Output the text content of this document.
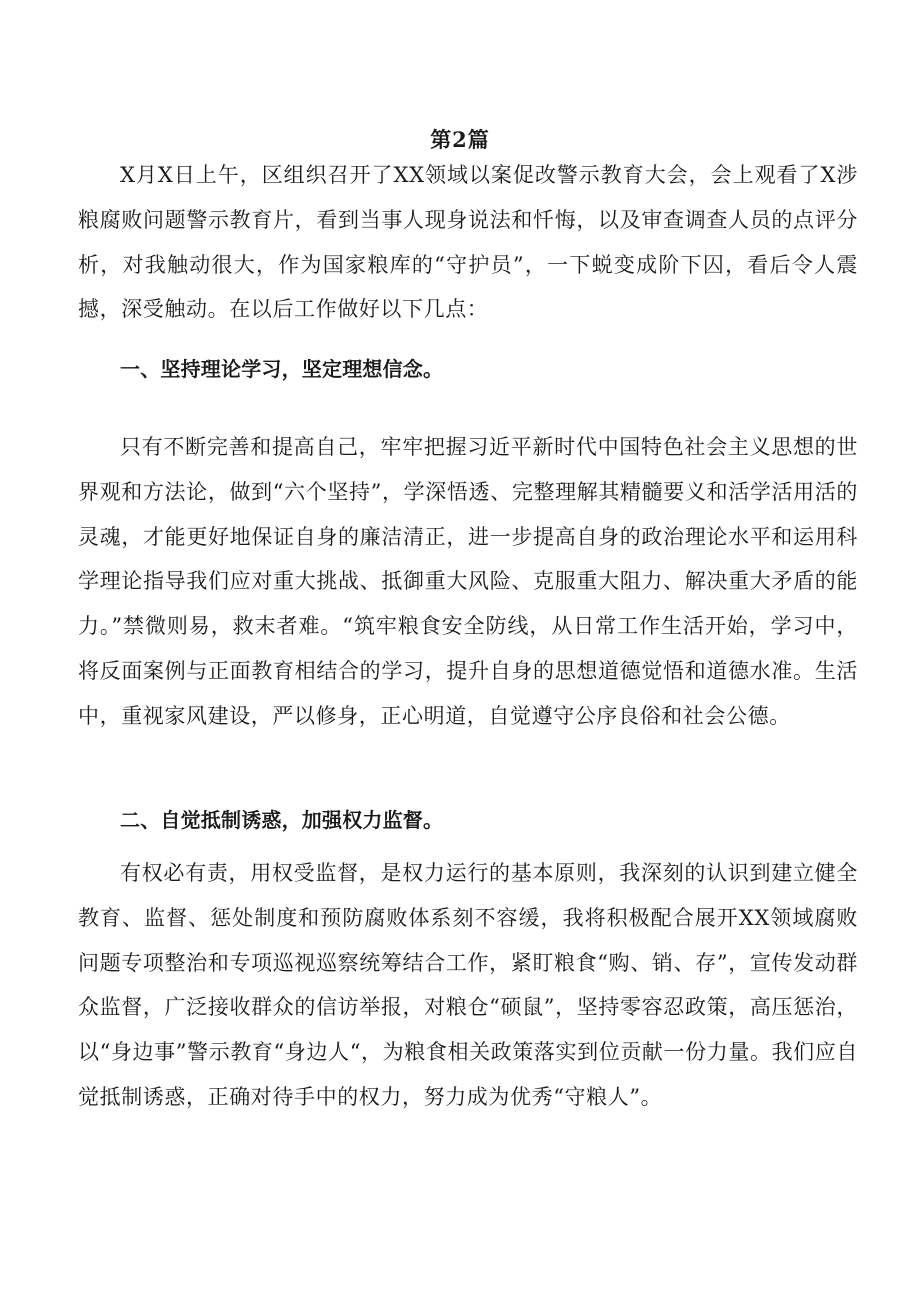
第2篇

X月X日上午，区组织召开了XX领域以案促改警示教育大会，会上观看了X涉粮腐败问题警示教育片，看到当事人现身说法和忏悔，以及审查调查人员的点评分析，对我触动很大，作为国家粮库的“守护员”，一下蜕变成阶下囚，看后令人震撼，深受触动。在以后工作做好以下几点：

一、坚持理论学习，坚定理想信念。

只有不断完善和提高自己，牢牢把握习近平新时代中国特色社会主义思想的世界观和方法论，做到“六个坚持”，学深悟透、完整理解其精髓要义和活学活用活的灵魂，才能更好地保证自身的廉洁清正，进一步提高自身的政治理论水平和运用科学理论指导我们应对重大挑战、抵御重大风险、克服重大阻力、解决重大矛盾的能力。”禁微则易，救末者难。“筑牢粮食安全防线，从日常工作生活开始，学习中，将反面案例与正面教育相结合的学习，提升自身的思想道德觉悟和道德水准。生活中，重视家风建设，严以修身，正心明道，自觉遵守公序良俗和社会公德。

二、自觉抵制诱惑，加强权力监督。

有权必有责，用权受监督，是权力运行的基本原则，我深刻的认识到建立健全教育、监督、惩处制度和预防腐败体系刻不容缓，我将积极配合展开XX领域腐败问题专项整治和专项巡视巡察统筹结合工作，紧盯粮食“购、销、存”，宣传发动群众监督，广泛接收群众的信访举报，对粮仓“硕鼠”，坚持零容忍政策，高压惩治，以“身边事”警示教育“身边人“，为粮食相关政策落实到位贡献一份力量。我们应自觉抵制诱惑，正确对待手中的权力，努力成为优秀“守粮人”。
